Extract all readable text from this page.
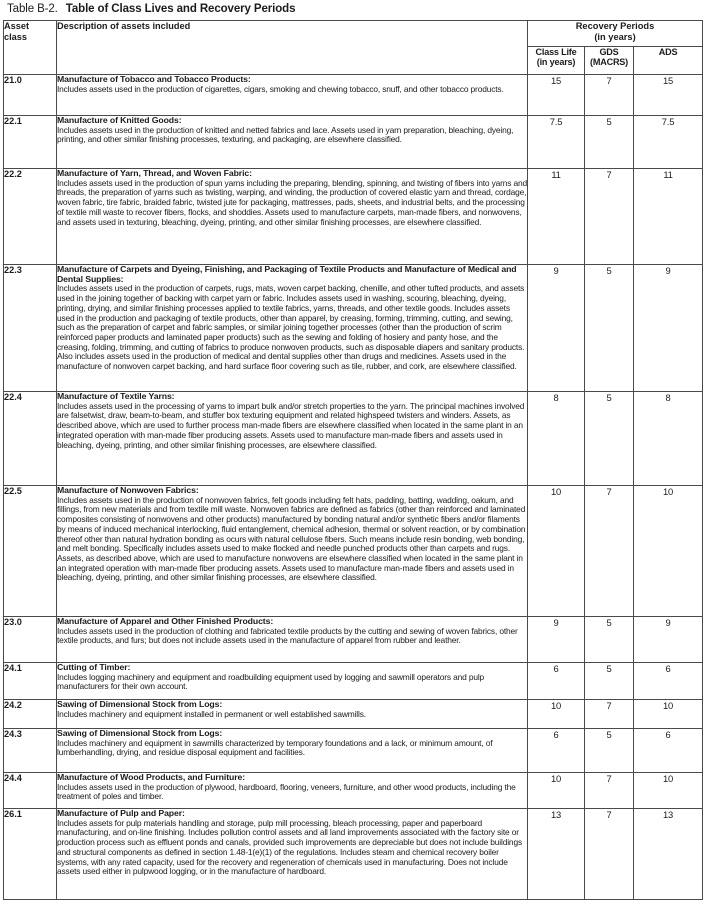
Table B-2. Table of Class Lives and Recovery Periods
Asset
class	Description of assets included	Recovery Periods
(in years)		
		Class Life
(in years)	GDS
(MACRS)	ADS
21.0	Manufacture of Tobacco and Tobacco Products:
Includes assets used in the production of cigarettes, cigars, smoking and chewing tobacco, snuff, and other tobacco products.	15	7	15
22.1	Manufacture of Knitted Goods:
Includes assets used in the production of knitted and netted fabrics and lace. Assets used in yarn preparation, bleaching, dyeing, printing, and other similar finishing processes, texturing, and packaging, are elsewhere classified.	7.5	5	7.5
22.2	Manufacture of Yarn, Thread, and Woven Fabric:
Includes assets used in the production of spun yarns including the preparing, blending, spinning, and twisting of fibers into yarns and threads, the preparation of yarns such as twisting, warping, and winding, the production of covered elastic yarn and thread, cordage, woven fabric, tire fabric, braided fabric, twisted jute for packaging, mattresses, pads, sheets, and industrial belts, and the processing of textile mill waste to recover fibers, flocks, and shoddies. Assets used to manufacture carpets, man-made fibers, and nonwovens, and assets used in texturing, bleaching, dyeing, printing, and other similar finishing processes, are elsewhere classified.	11	7	11
22.3	Manufacture of Carpets and Dyeing, Finishing, and Packaging of Textile Products and Manufacture of Medical and Dental Supplies:
Includes assets used in the production of carpets, rugs, mats, woven carpet backing, chenille, and other tufted products, and assets used in the joining together of backing with carpet yarn or fabric. Includes assets used in washing, scouring, bleaching, dyeing, printing, drying, and similar finishing processes applied to textile fabrics, yarns, threads, and other textile goods. Includes assets used in the production and packaging of textile products, other than apparel, by creasing, forming, trimming, cutting, and sewing, such as the preparation of carpet and fabric samples, or similar joining together processes (other than the production of scrim reinforced paper products and laminated paper products) such as the sewing and folding of hosiery and panty hose, and the creasing, folding, trimming, and cutting of fabrics to produce nonwoven products, such as disposable diapers and sanitary products. Also includes assets used in the production of medical and dental supplies other than drugs and medicines. Assets used in the manufacture of nonwoven carpet backing, and hard surface floor covering such as tile, rubber, and cork, are elsewhere classified.	9	5	9
22.4	Manufacture of Textile Yarns:
Includes assets used in the processing of yarns to impart bulk and/or stretch properties to the yarn. The principal machines involved are falsetwist, draw, beam-to-beam, and stuffer box texturing equipment and related highspeed twisters and winders. Assets, as described above, which are used to further process man-made fibers are elsewhere classified when located in the same plant in an integrated operation with man-made fiber producing assets. Assets used to manufacture man-made fibers and assets used in bleaching, dyeing, printing, and other similar finishing processes, are elsewhere classified.	8	5	8
22.5	Manufacture of Nonwoven Fabrics:
Includes assets used in the production of nonwoven fabrics, felt goods including felt hats, padding, batting, wadding, oakum, and fillings, from new materials and from textile mill waste. Nonwoven fabrics are defined as fabrics (other than reinforced and laminated composites consisting of nonwovens and other products) manufactured by bonding natural and/or synthetic fibers and/or filaments by means of induced mechanical interlocking, fluid entanglement, chemical adhesion, thermal or solvent reaction, or by combination thereof other than natural hydration bonding as ocurs with natural cellulose fibers. Such means include resin bonding, web bonding, and melt bonding. Specifically includes assets used to make flocked and needle punched products other than carpets and rugs. Assets, as described above, which are used to manufacture nonwovens are elsewhere classified when located in the same plant in an integrated operation with man-made fiber producing assets. Assets used to manufacture man-made fibers and assets used in bleaching, dyeing, printing, and other similar finishing processes, are elsewhere classified.	10	7	10
23.0	Manufacture of Apparel and Other Finished Products:
Includes assets used in the production of clothing and fabricated textile products by the cutting and sewing of woven fabrics, other textile products, and furs; but does not include assets used in the manufacture of apparel from rubber and leather.	9	5	9
24.1	Cutting of Timber:
Includes logging machinery and equipment and roadbuilding equipment used by logging and sawmill operators and pulp manufacturers for their own account.	6	5	6
24.2	Sawing of Dimensional Stock from Logs:
Includes machinery and equipment installed in permanent or well established sawmills.	10	7	10
24.3	Sawing of Dimensional Stock from Logs:
Includes machinery and equipment in sawmills characterized by temporary foundations and a lack, or minimum amount, of lumberhandling, drying, and residue disposal equipment and facilities.	6	5	6
24.4	Manufacture of Wood Products, and Furniture:
Includes assets used in the production of plywood, hardboard, flooring, veneers, furniture, and other wood products, including the treatment of poles and timber.	10	7	10
26.1	Manufacture of Pulp and Paper:
Includes assets for pulp materials handling and storage, pulp mill processing, bleach processing, paper and paperboard manufacturing, and on-line finishing. Includes pollution control assets and all land improvements associated with the factory site or production process such as effluent ponds and canals, provided such improvements are depreciable but does not include buildings and structural components as defined in section 1.48-1(e)(1) of the regulations. Includes steam and chemical recovery boiler systems, with any rated capacity, used for the recovery and regeneration of chemicals used in manufacturing. Does not include assets used either in pulpwood logging, or in the manufacture of hardboard.	13	7	13
